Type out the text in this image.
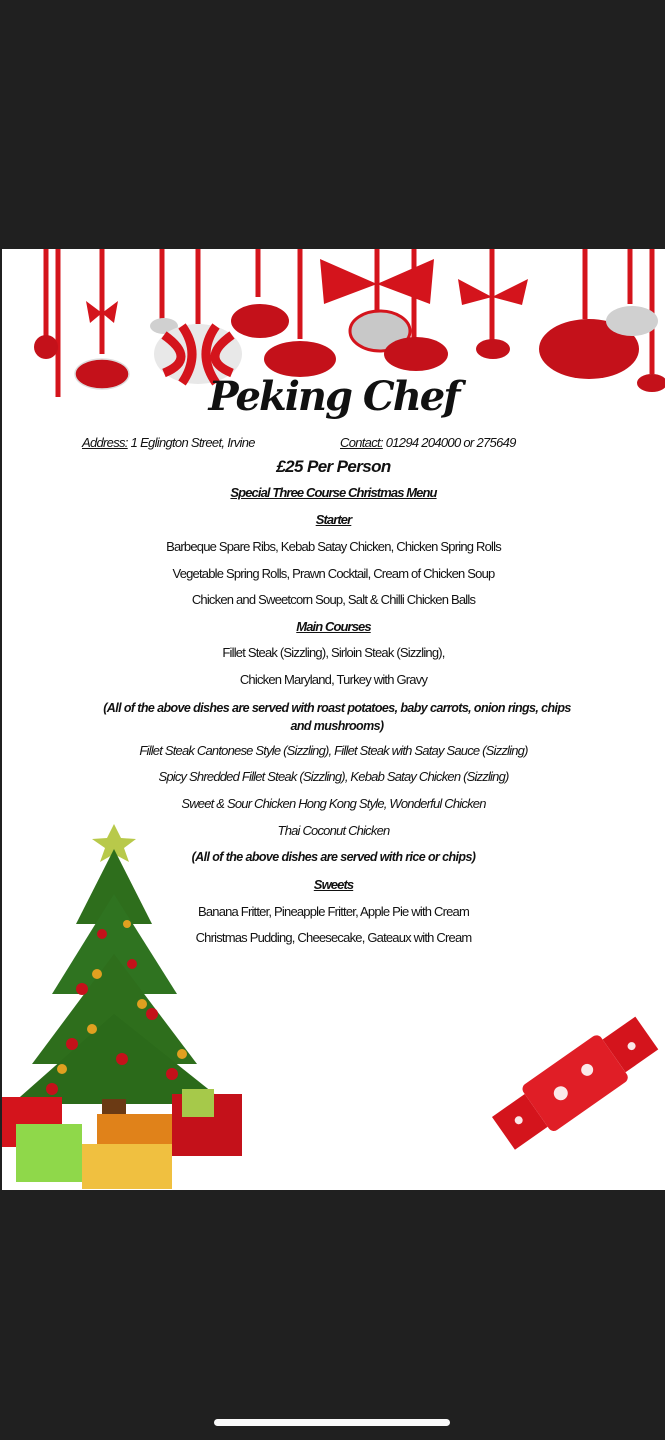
Peking Chef
Address: 1 Eglington Street, Irvine	Contact: 01294 204000 or 275649
£25 Per Person
Special Three Course Christmas Menu
Starter
Barbeque Spare Ribs, Kebab Satay Chicken, Chicken Spring Rolls
Vegetable Spring Rolls, Prawn Cocktail, Cream of Chicken Soup
Chicken and Sweetcorn Soup, Salt & Chilli Chicken Balls
Main Courses
Fillet Steak (Sizzling), Sirloin Steak (Sizzling),
Chicken Maryland, Turkey with Gravy
(All of the above dishes are served with roast potatoes, baby carrots, onion rings, chips and mushrooms)
Fillet Steak Cantonese Style (Sizzling), Fillet Steak with Satay Sauce (Sizzling)
Spicy Shredded Fillet Steak (Sizzling), Kebab Satay Chicken (Sizzling)
Sweet & Sour Chicken Hong Kong Style, Wonderful Chicken
Thai Coconut Chicken
(All of the above dishes are served with rice or chips)
Sweets
Banana Fritter, Pineapple Fritter, Apple Pie with Cream
Christmas Pudding, Cheesecake, Gateaux with Cream
